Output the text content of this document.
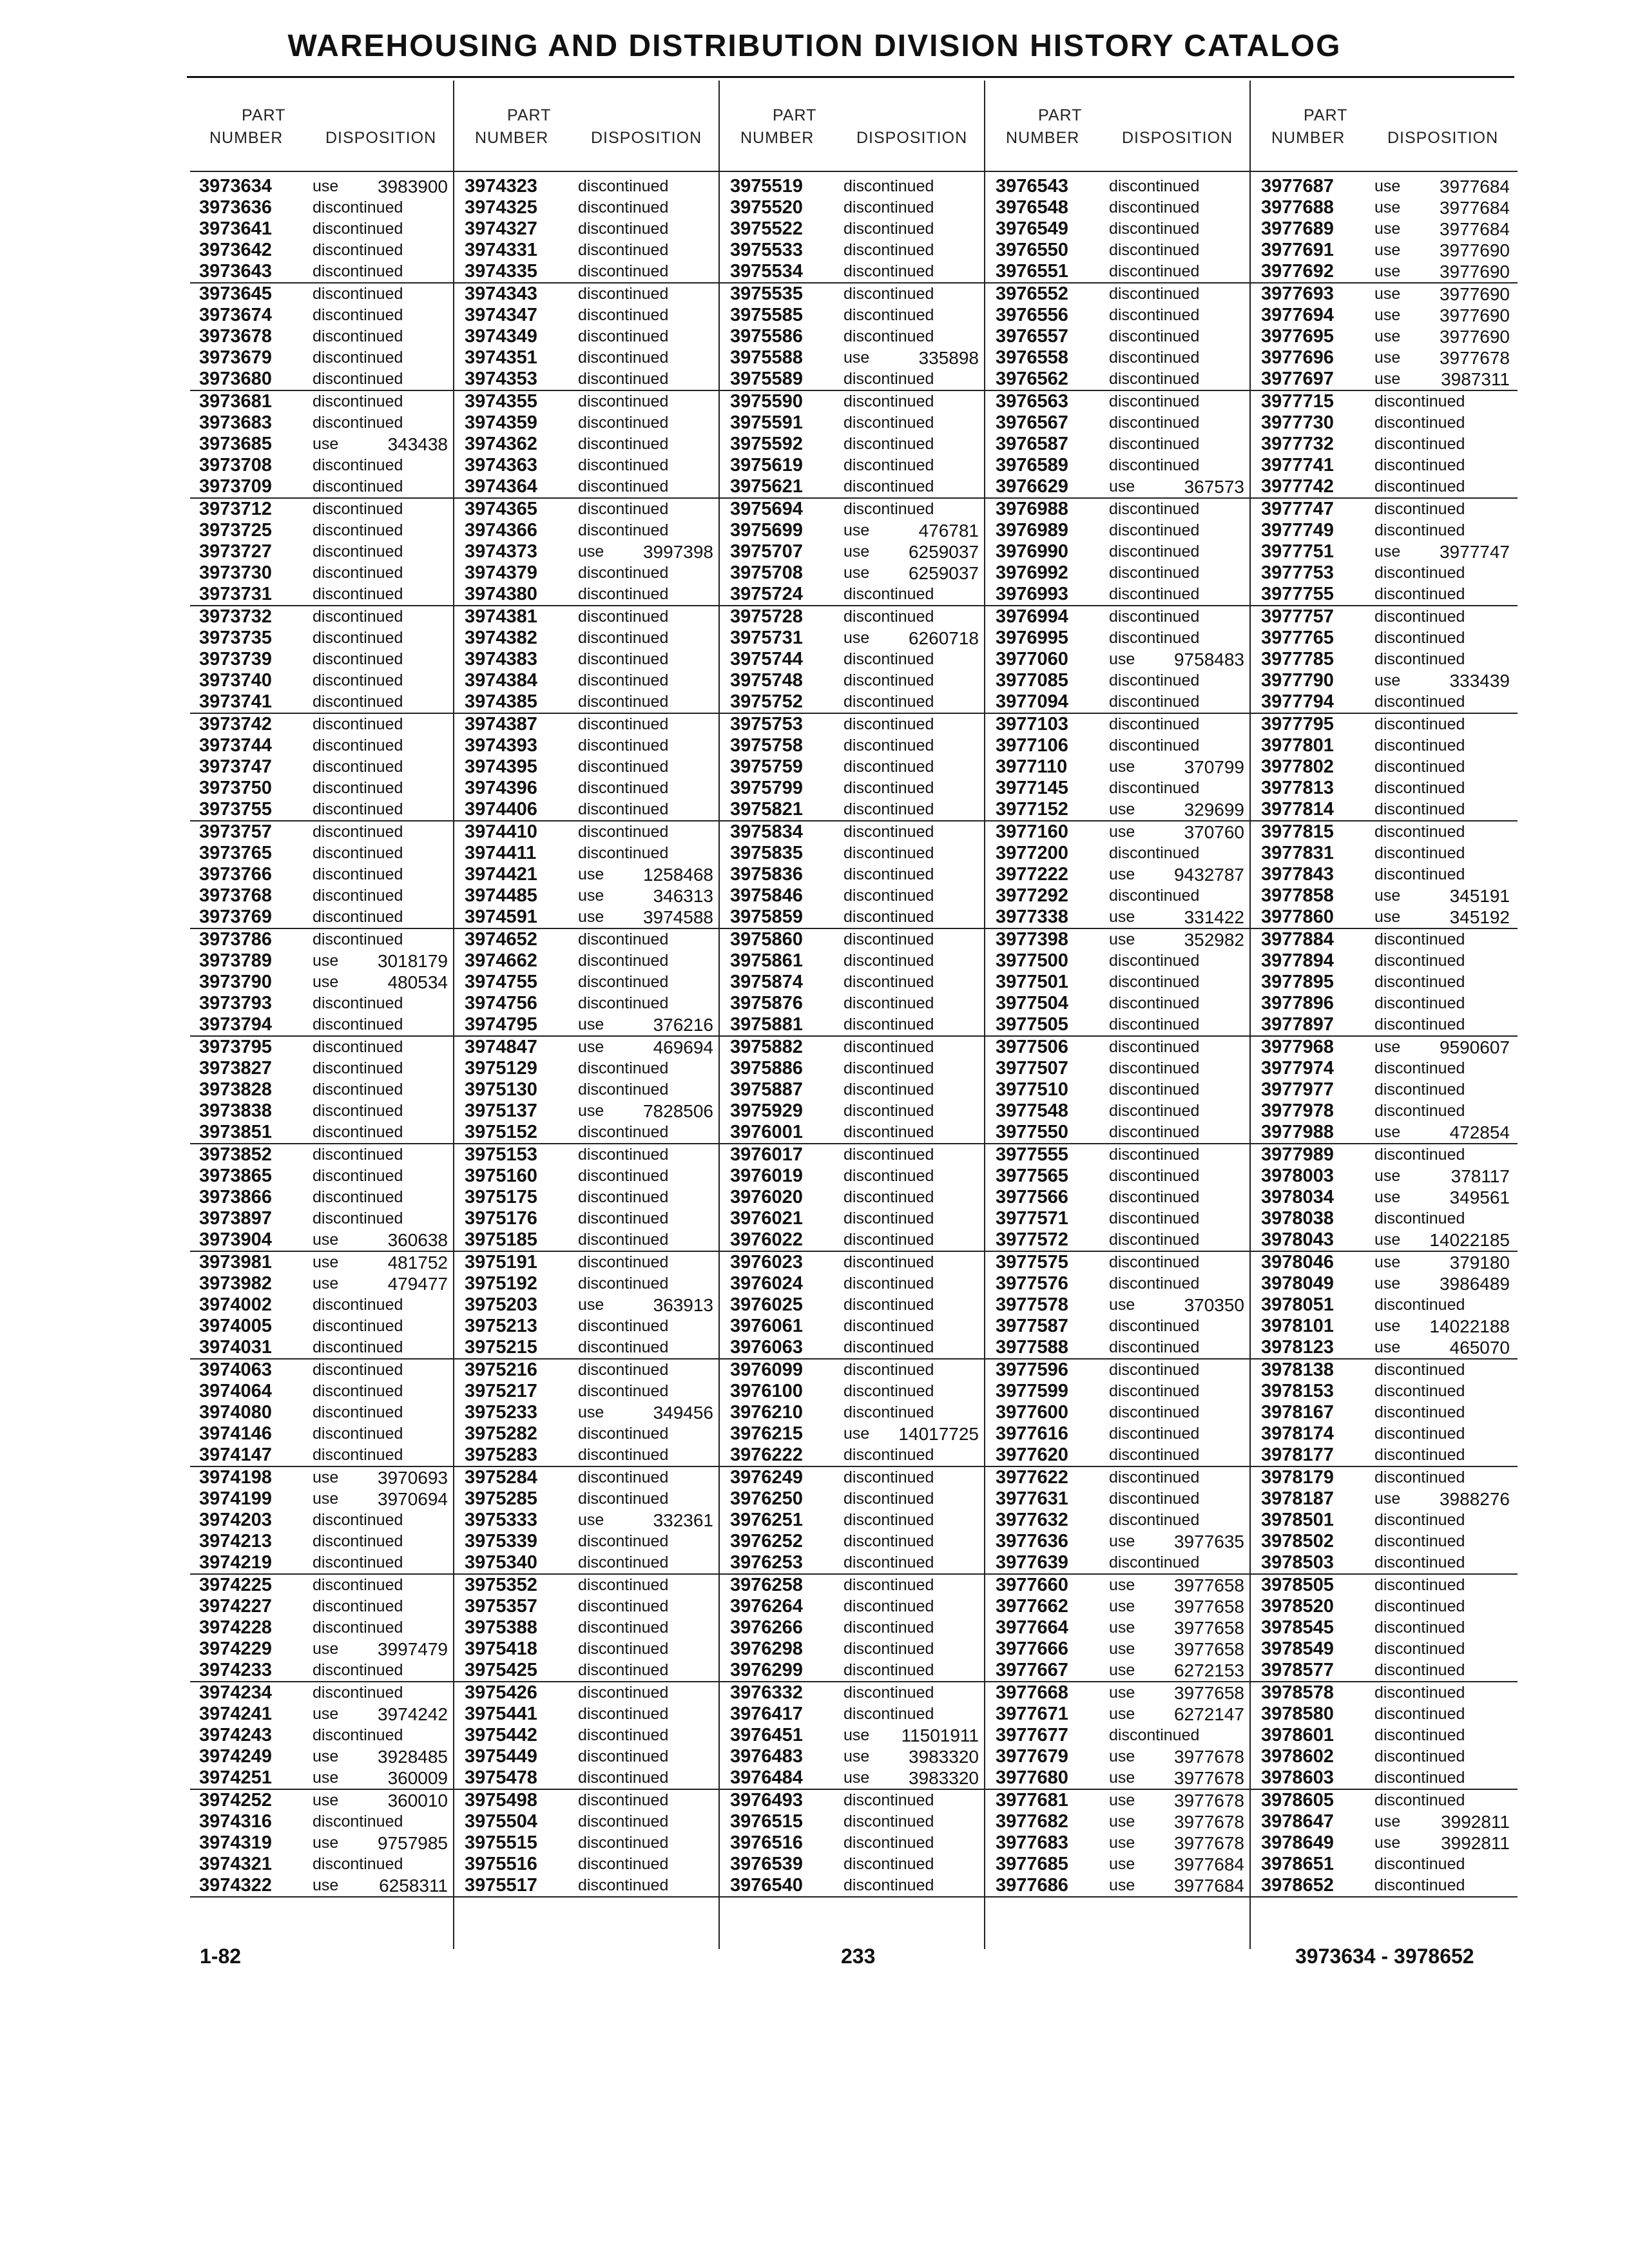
WAREHOUSING AND DISTRIBUTION DIVISION HISTORY CATALOG
PART
NUMBER	DISPOSITION
3973634	use	3983900
3973636	discontinued
3973641	discontinued
3973642	discontinued
3973643	discontinued
3973645	discontinued
3973674	discontinued
3973678	discontinued
3973679	discontinued
3973680	discontinued
3973681	discontinued
3973683	discontinued
3973685	use	343438
3973708	discontinued
3973709	discontinued
3973712	discontinued
3973725	discontinued
3973727	discontinued
3973730	discontinued
3973731	discontinued
3973732	discontinued
3973735	discontinued
3973739	discontinued
3973740	discontinued
3973741	discontinued
3973742	discontinued
3973744	discontinued
3973747	discontinued
3973750	discontinued
3973755	discontinued
3973757	discontinued
3973765	discontinued
3973766	discontinued
3973768	discontinued
3973769	discontinued
3973786	discontinued
3973789	use	3018179
3973790	use	480534
3973793	discontinued
3973794	discontinued
3973795	discontinued
3973827	discontinued
3973828	discontinued
3973838	discontinued
3973851	discontinued
3973852	discontinued
3973865	discontinued
3973866	discontinued
3973897	discontinued
3973904	use	360638
3973981	use	481752
3973982	use	479477
3974002	discontinued
3974005	discontinued
3974031	discontinued
3974063	discontinued
3974064	discontinued
3974080	discontinued
3974146	discontinued
3974147	discontinued
3974198	use	3970693
3974199	use	3970694
3974203	discontinued
3974213	discontinued
3974219	discontinued
3974225	discontinued
3974227	discontinued
3974228	discontinued
3974229	use	3997479
3974233	discontinued
3974234	discontinued
3974241	use	3974242
3974243	discontinued
3974249	use	3928485
3974251	use	360009
3974252	use	360010
3974316	discontinued
3974319	use	9757985
3974321	discontinued
3974322	use	6258311
PART
NUMBER	DISPOSITION
3974323	discontinued
3974325	discontinued
3974327	discontinued
3974331	discontinued
3974335	discontinued
3974343	discontinued
3974347	discontinued
3974349	discontinued
3974351	discontinued
3974353	discontinued
3974355	discontinued
3974359	discontinued
3974362	discontinued
3974363	discontinued
3974364	discontinued
3974365	discontinued
3974366	discontinued
3974373	use	3997398
3974379	discontinued
3974380	discontinued
3974381	discontinued
3974382	discontinued
3974383	discontinued
3974384	discontinued
3974385	discontinued
3974387	discontinued
3974393	discontinued
3974395	discontinued
3974396	discontinued
3974406	discontinued
3974410	discontinued
3974411	discontinued
3974421	use	1258468
3974485	use	346313
3974591	use	3974588
3974652	discontinued
3974662	discontinued
3974755	discontinued
3974756	discontinued
3974795	use	376216
3974847	use	469694
3975129	discontinued
3975130	discontinued
3975137	use	7828506
3975152	discontinued
3975153	discontinued
3975160	discontinued
3975175	discontinued
3975176	discontinued
3975185	discontinued
3975191	discontinued
3975192	discontinued
3975203	use	363913
3975213	discontinued
3975215	discontinued
3975216	discontinued
3975217	discontinued
3975233	use	349456
3975282	discontinued
3975283	discontinued
3975284	discontinued
3975285	discontinued
3975333	use	332361
3975339	discontinued
3975340	discontinued
3975352	discontinued
3975357	discontinued
3975388	discontinued
3975418	discontinued
3975425	discontinued
3975426	discontinued
3975441	discontinued
3975442	discontinued
3975449	discontinued
3975478	discontinued
3975498	discontinued
3975504	discontinued
3975515	discontinued
3975516	discontinued
3975517	discontinued
PART
NUMBER	DISPOSITION
3975519	discontinued
3975520	discontinued
3975522	discontinued
3975533	discontinued
3975534	discontinued
3975535	discontinued
3975585	discontinued
3975586	discontinued
3975588	use	335898
3975589	discontinued
3975590	discontinued
3975591	discontinued
3975592	discontinued
3975619	discontinued
3975621	discontinued
3975694	discontinued
3975699	use	476781
3975707	use	6259037
3975708	use	6259037
3975724	discontinued
3975728	discontinued
3975731	use	6260718
3975744	discontinued
3975748	discontinued
3975752	discontinued
3975753	discontinued
3975758	discontinued
3975759	discontinued
3975799	discontinued
3975821	discontinued
3975834	discontinued
3975835	discontinued
3975836	discontinued
3975846	discontinued
3975859	discontinued
3975860	discontinued
3975861	discontinued
3975874	discontinued
3975876	discontinued
3975881	discontinued
3975882	discontinued
3975886	discontinued
3975887	discontinued
3975929	discontinued
3976001	discontinued
3976017	discontinued
3976019	discontinued
3976020	discontinued
3976021	discontinued
3976022	discontinued
3976023	discontinued
3976024	discontinued
3976025	discontinued
3976061	discontinued
3976063	discontinued
3976099	discontinued
3976100	discontinued
3976210	discontinued
3976215	use	14017725
3976222	discontinued
3976249	discontinued
3976250	discontinued
3976251	discontinued
3976252	discontinued
3976253	discontinued
3976258	discontinued
3976264	discontinued
3976266	discontinued
3976298	discontinued
3976299	discontinued
3976332	discontinued
3976417	discontinued
3976451	use	11501911
3976483	use	3983320
3976484	use	3983320
3976493	discontinued
3976515	discontinued
3976516	discontinued
3976539	discontinued
3976540	discontinued
PART
NUMBER	DISPOSITION
3976543	discontinued
3976548	discontinued
3976549	discontinued
3976550	discontinued
3976551	discontinued
3976552	discontinued
3976556	discontinued
3976557	discontinued
3976558	discontinued
3976562	discontinued
3976563	discontinued
3976567	discontinued
3976587	discontinued
3976589	discontinued
3976629	use	367573
3976988	discontinued
3976989	discontinued
3976990	discontinued
3976992	discontinued
3976993	discontinued
3976994	discontinued
3976995	discontinued
3977060	use	9758483
3977085	discontinued
3977094	discontinued
3977103	discontinued
3977106	discontinued
3977110	use	370799
3977145	discontinued
3977152	use	329699
3977160	use	370760
3977200	discontinued
3977222	use	9432787
3977292	discontinued
3977338	use	331422
3977398	use	352982
3977500	discontinued
3977501	discontinued
3977504	discontinued
3977505	discontinued
3977506	discontinued
3977507	discontinued
3977510	discontinued
3977548	discontinued
3977550	discontinued
3977555	discontinued
3977565	discontinued
3977566	discontinued
3977571	discontinued
3977572	discontinued
3977575	discontinued
3977576	discontinued
3977578	use	370350
3977587	discontinued
3977588	discontinued
3977596	discontinued
3977599	discontinued
3977600	discontinued
3977616	discontinued
3977620	discontinued
3977622	discontinued
3977631	discontinued
3977632	discontinued
3977636	use	3977635
3977639	discontinued
3977660	use	3977658
3977662	use	3977658
3977664	use	3977658
3977666	use	3977658
3977667	use	6272153
3977668	use	3977658
3977671	use	6272147
3977677	discontinued
3977679	use	3977678
3977680	use	3977678
3977681	use	3977678
3977682	use	3977678
3977683	use	3977678
3977685	use	3977684
3977686	use	3977684
PART
NUMBER	DISPOSITION
3977687	use	3977684
3977688	use	3977684
3977689	use	3977684
3977691	use	3977690
3977692	use	3977690
3977693	use	3977690
3977694	use	3977690
3977695	use	3977690
3977696	use	3977678
3977697	use	3987311
3977715	discontinued
3977730	discontinued
3977732	discontinued
3977741	discontinued
3977742	discontinued
3977747	discontinued
3977749	discontinued
3977751	use	3977747
3977753	discontinued
3977755	discontinued
3977757	discontinued
3977765	discontinued
3977785	discontinued
3977790	use	333439
3977794	discontinued
3977795	discontinued
3977801	discontinued
3977802	discontinued
3977813	discontinued
3977814	discontinued
3977815	discontinued
3977831	discontinued
3977843	discontinued
3977858	use	345191
3977860	use	345192
3977884	discontinued
3977894	discontinued
3977895	discontinued
3977896	discontinued
3977897	discontinued
3977968	use	9590607
3977974	discontinued
3977977	discontinued
3977978	discontinued
3977988	use	472854
3977989	discontinued
3978003	use	378117
3978034	use	349561
3978038	discontinued
3978043	use	14022185
3978046	use	379180
3978049	use	3986489
3978051	discontinued
3978101	use	14022188
3978123	use	465070
3978138	discontinued
3978153	discontinued
3978167	discontinued
3978174	discontinued
3978177	discontinued
3978179	discontinued
3978187	use	3988276
3978501	discontinued
3978502	discontinued
3978503	discontinued
3978505	discontinued
3978520	discontinued
3978545	discontinued
3978549	discontinued
3978577	discontinued
3978578	discontinued
3978580	discontinued
3978601	discontinued
3978602	discontinued
3978603	discontinued
3978605	discontinued
3978647	use	3992811
3978649	use	3992811
3978651	discontinued
3978652	discontinued
1-82	233	3973634 - 3978652
